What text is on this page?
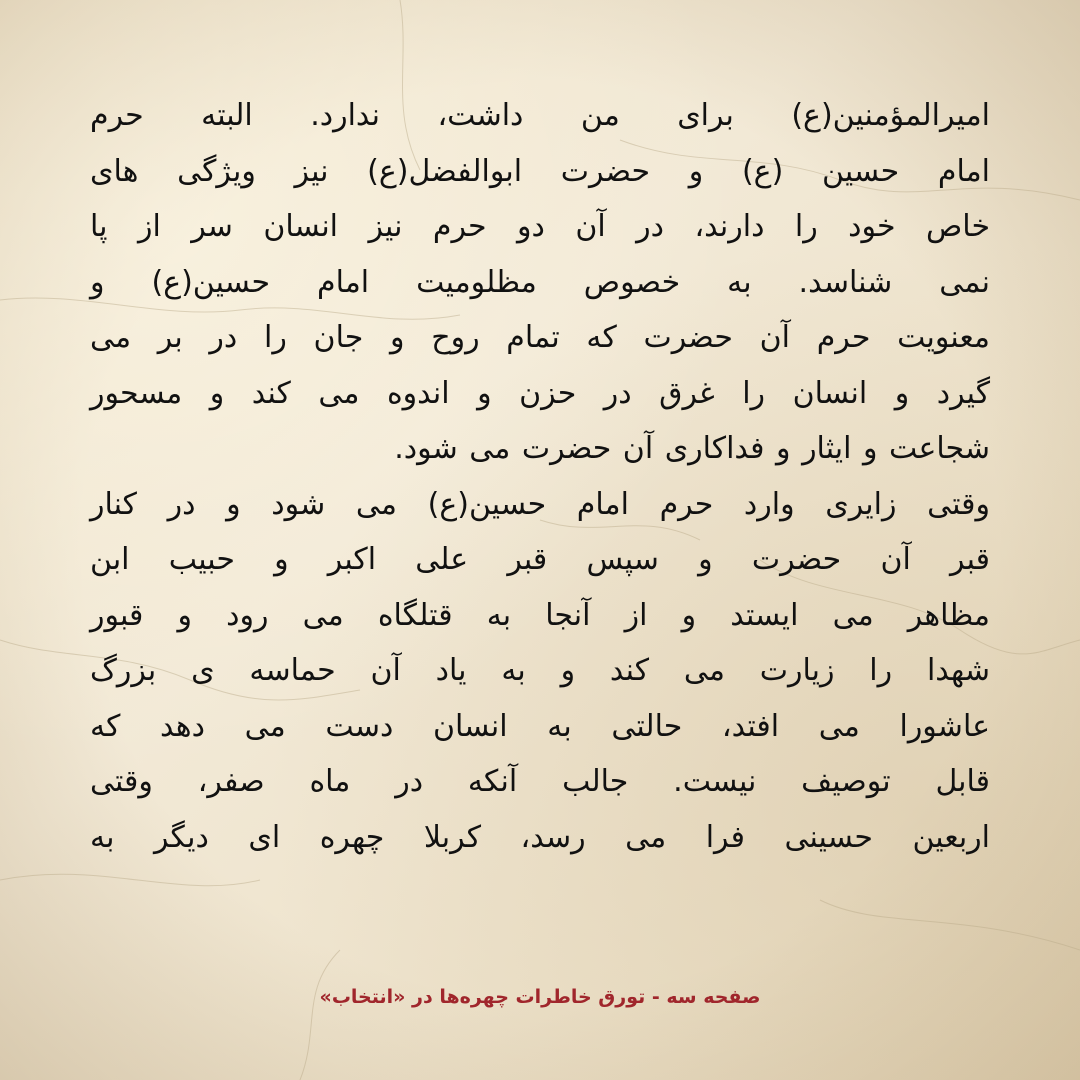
امیرالمؤمنین(ع) برای من داشت، ندارد. البته حرم
امام حسین (ع) و حضرت ابوالفضل(ع) نیز ویژگی های
خاص خود را دارند، در آن دو حرم نیز انسان سر از پا
نمی شناسد. به خصوص مظلومیت امام حسین(ع) و
معنویت حرم آن حضرت که تمام روح و جان را در بر می
گیرد و انسان را غرق در حزن و اندوه می کند و مسحور
شجاعت و ایثار و فداکاری آن حضرت می شود.
وقتی زایری وارد حرم امام حسین(ع) می شود و در کنار
قبر آن حضرت و سپس قبر علی اکبر و حبیب ابن
مظاهر می ایستد و از آنجا به قتلگاه می رود و قبور
شهدا را زیارت می کند و به یاد آن حماسه ی بزرگ
عاشورا می افتد، حالتی به انسان دست می دهد که
قابل توصیف نیست. جالب آنکه در ماه صفر، وقتی
اربعین حسینی فرا می رسد، کربلا چهره ای دیگر به
صفحه سه - تورق خاطرات چهره‌ها در «انتخاب»
